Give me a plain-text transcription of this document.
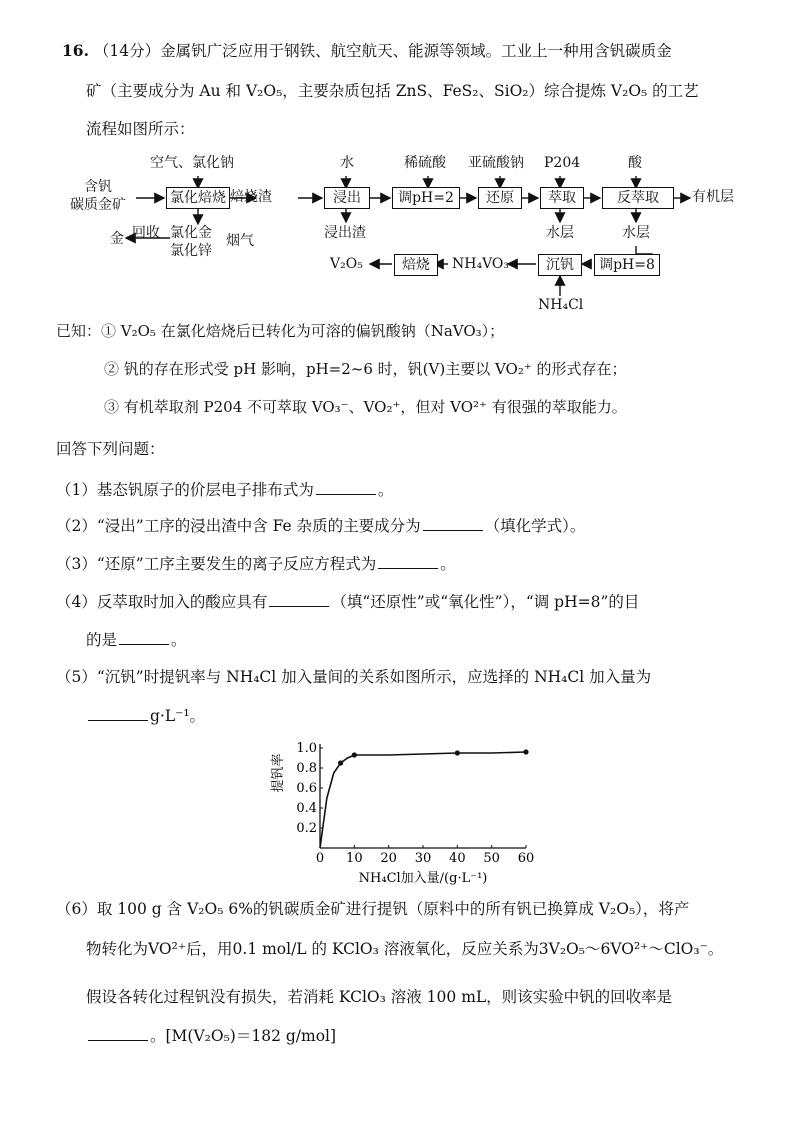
16. （14分）金属钒广泛应用于钢铁、航空航天、能源等领域。工业上一种用含钒碳质金
矿（主要成分为 Au 和 V₂O₅，主要杂质包括 ZnS、FeS₂、SiO₂）综合提炼 V₂O₅ 的工艺
流程如图所示：
含钒
碳质金矿
空气、氯化钠
氯化焙烧 焙烧渣
水
浸出
浸出渣
稀硫酸
调pH=2
亚硫酸钠
还原
P204
萃取
水层
酸
反萃取	有机层
水层
金 回收 氯化金
氯化锌
烟气
调pH=8
沉钒
NH₄VO₃
焙烧
V₂O₅
NH₄Cl
已知：① V₂O₅ 在氯化焙烧后已转化为可溶的偏钒酸钠（NaVO₃）；
② 钒的存在形式受 pH 影响，pH=2~6 时，钒(V)主要以 VO₂⁺ 的形式存在；
③ 有机萃取剂 P204 不可萃取 VO₃⁻、VO₂⁺，但对 VO²⁺ 有很强的萃取能力。
回答下列问题：
（1）基态钒原子的价层电子排布式为	。
（2）“浸出”工序的浸出渣中含 Fe 杂质的主要成分为	（填化学式）。
（3）“还原”工序主要发生的离子反应方程式为	。
（4）反萃取时加入的酸应具有	（填“还原性”或“氧化性”），“调 pH=8”的目
的是	。
（5）“沉钒”时提钒率与 NH₄Cl 加入量间的关系如图所示，应选择的 NH₄Cl 加入量为
g·L⁻¹。
0 10 20 30 40 50 60
0.2
0.4
0.6
0.8
1.0
NH₄Cl加入量/(g·L⁻¹)
提钒率
（6）取 100 g 含 V₂O₅ 6%的钒碳质金矿进行提钒（原料中的所有钒已换算成 V₂O₅），将产
物转化为VO²⁺后，用0.1 mol/L 的 KClO₃ 溶液氧化，反应关系为3V₂O₅～6VO²⁺～ClO₃⁻。
假设各转化过程钒没有损失，若消耗 KClO₃ 溶液 100 mL，则该实验中钒的回收率是
。[M(V₂O₅)＝182 g/mol]
